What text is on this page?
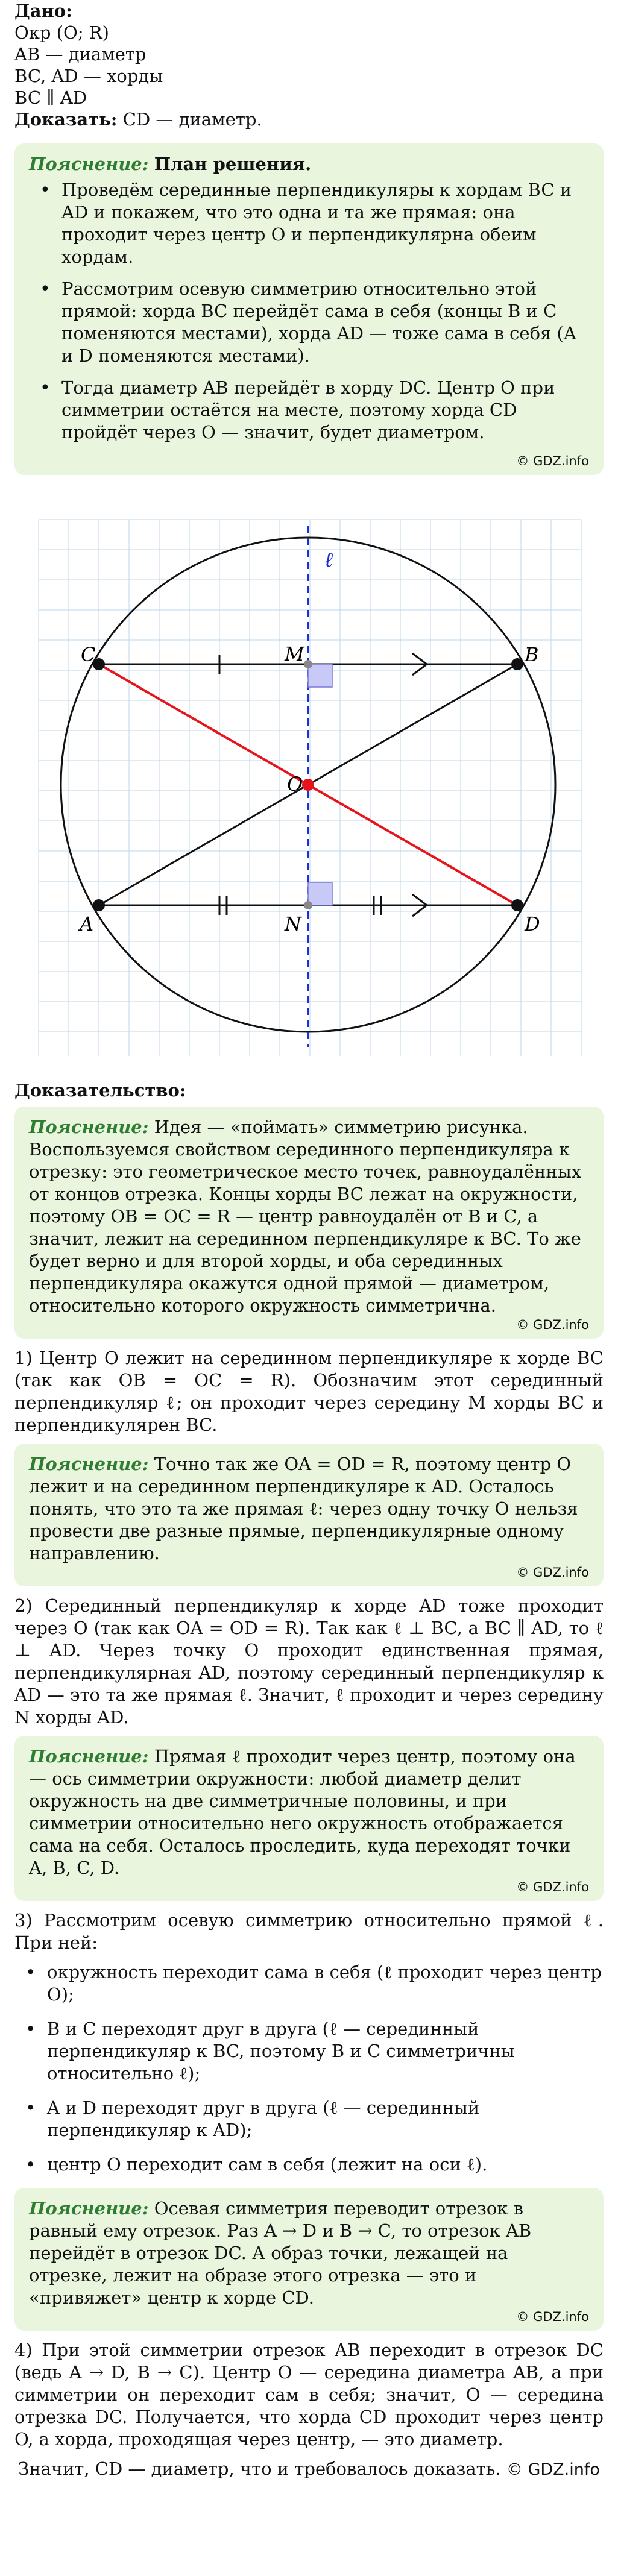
Дано:
Окр (O; R)
AB — диаметр
BC, AD — хорды
BC ∥ AD
Доказать: CD — диаметр.
Пояснение: План решения.
• Проведём серединные перпендикуляры к хордам BC и AD и покажем, что это одна и та же прямая: она проходит через центр O и перпендикулярна обеим хордам.
• Рассмотрим осевую симметрию относительно этой прямой: хорда BC перейдёт сама в себя (концы B и C поменяются местами), хорда AD — тоже сама в себя (A и D поменяются местами).
• Тогда диаметр AB перейдёт в хорду DC. Центр O при симметрии остаётся на месте, поэтому хорда CD пройдёт через O — значит, будет диаметром.
© GDZ.info
C	B
A	D
M
N
O
ℓ
Доказательство:
Пояснение: Идея — «поймать» симметрию рисунка. Воспользуемся свойством серединного перпендикуляра к отрезку: это геометрическое место точек, равноудалённых от концов отрезка. Концы хорды BC лежат на окружности, поэтому OB = OC = R — центр равноудалён от B и C, а значит, лежит на серединном перпендикуляре к BC. То же будет верно и для второй хорды, и оба серединных перпендикуляра окажутся одной прямой — диаметром, относительно которого окружность симметрична.
© GDZ.info

1) Центр O лежит на серединном перпендикуляре к хорде BC (так как OB = OC = R). Обозначим этот серединный перпендикуляр ℓ; он проходит через середину M хорды BC и перпендикулярен BC.

Пояснение: Точно так же OA = OD = R, поэтому центр O лежит и на серединном перпендикуляре к AD. Осталось понять, что это та же прямая ℓ: через одну точку O нельзя провести две разные прямые, перпендикулярные одному направлению.
© GDZ.info

2) Серединный перпендикуляр к хорде AD тоже проходит через O (так как OA = OD = R). Так как ℓ ⊥ BC, а BC ∥ AD, то ℓ ⊥ AD. Через точку O проходит единственная прямая, перпендикулярная AD, поэтому серединный перпендикуляр к AD — это та же прямая ℓ. Значит, ℓ проходит и через середину N хорды AD.

Пояснение: Прямая ℓ проходит через центр, поэтому она — ось симметрии окружности: любой диаметр делит окружность на две симметричные половины, и при симметрии относительно него окружность отображается сама на себя. Осталось проследить, куда переходят точки A, B, C, D.
© GDZ.info

3) Рассмотрим осевую симметрию относительно прямой ℓ. При ней:

• окружность переходит сама в себя (ℓ проходит через центр O);
• B и C переходят друг в друга (ℓ — серединный перпендикуляр к BC, поэтому B и C симметричны относительно ℓ);
• A и D переходят друг в друга (ℓ — серединный перпендикуляр к AD);
• центр O переходит сам в себя (лежит на оси ℓ).
Пояснение: Осевая симметрия переводит отрезок в равный ему отрезок. Раз A → D и B → C, то отрезок AB перейдёт в отрезок DC. А образ точки, лежащей на отрезке, лежит на образе этого отрезка — это и «привяжет» центр к хорде CD.
© GDZ.info

4) При этой симметрии отрезок AB переходит в отрезок DC (ведь A → D, B → C). Центр O — середина диаметра AB, а при симметрии он переходит сам в себя; значит, O — середина отрезка DC. Получается, что хорда CD проходит через центр O, а хорда, проходящая через центр, — это диаметр.

Значит, CD — диаметр, что и требовалось доказать. © GDZ.info
